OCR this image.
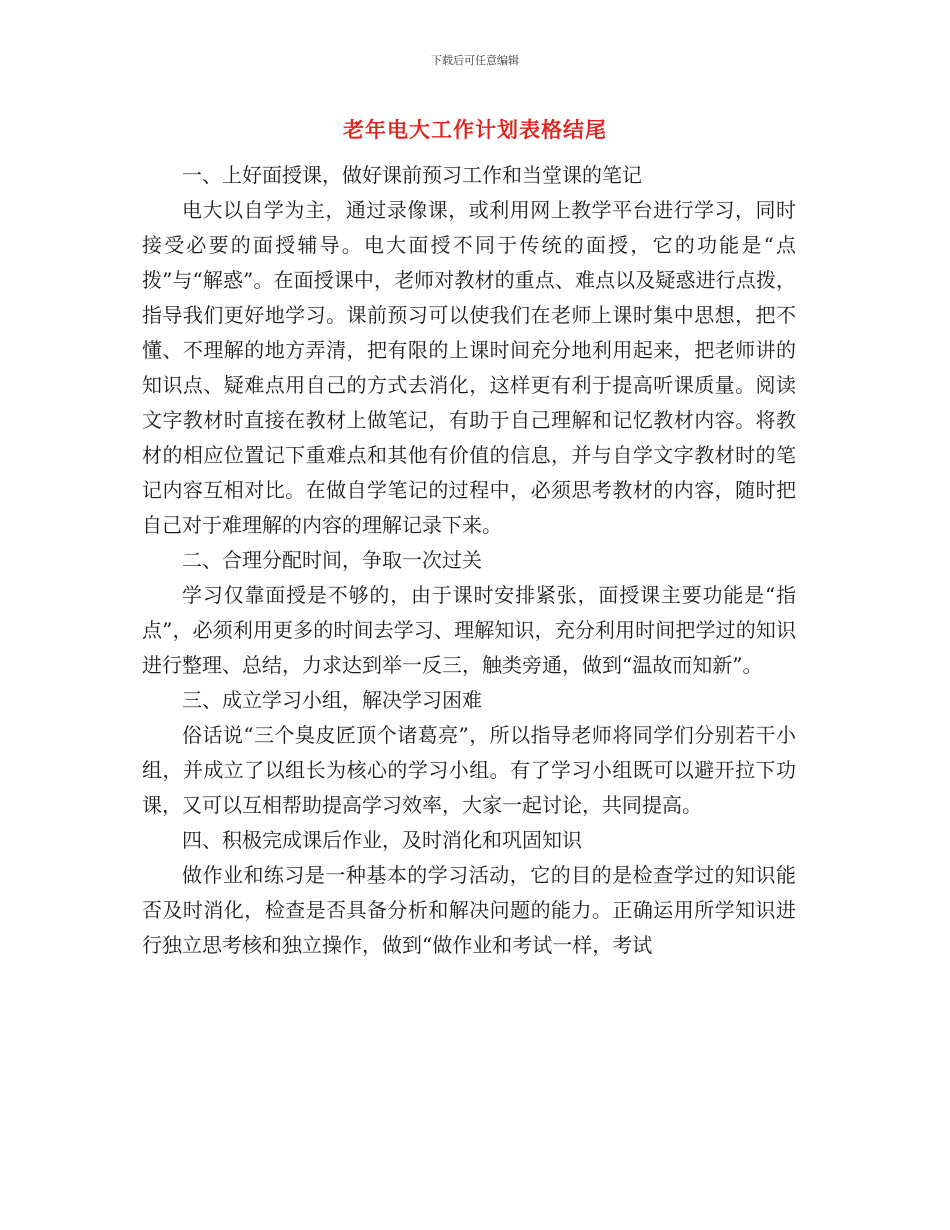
下载后可任意编辑
老年电大工作计划表格结尾

一、上好面授课，做好课前预习工作和当堂课的笔记

电大以自学为主，通过录像课，或利用网上教学平台进行学习，同时接受必要的面授辅导。电大面授不同于传统的面授，它的功能是“点拨”与“解惑”。在面授课中，老师对教材的重点、难点以及疑惑进行点拨，指导我们更好地学习。课前预习可以使我们在老师上课时集中思想，把不懂、不理解的地方弄清，把有限的上课时间充分地利用起来，把老师讲的知识点、疑难点用自己的方式去消化，这样更有利于提高听课质量。阅读文字教材时直接在教材上做笔记，有助于自己理解和记忆教材内容。将教材的相应位置记下重难点和其他有价值的信息，并与自学文字教材时的笔记内容互相对比。在做自学笔记的过程中，必须思考教材的内容，随时把自己对于难理解的内容的理解记录下来。

二、合理分配时间，争取一次过关

学习仅靠面授是不够的，由于课时安排紧张，面授课主要功能是“指点”，必须利用更多的时间去学习、理解知识，充分利用时间把学过的知识进行整理、总结，力求达到举一反三，触类旁通，做到“温故而知新”。

三、成立学习小组，解决学习困难

俗话说“三个臭皮匠顶个诸葛亮”，所以指导老师将同学们分别若干小组，并成立了以组长为核心的学习小组。有了学习小组既可以避开拉下功课，又可以互相帮助提高学习效率，大家一起讨论，共同提高。

四、积极完成课后作业，及时消化和巩固知识

做作业和练习是一种基本的学习活动，它的目的是检查学过的知识能否及时消化，检查是否具备分析和解决问题的能力。正确运用所学知识进行独立思考核和独立操作，做到“做作业和考试一样，考试
